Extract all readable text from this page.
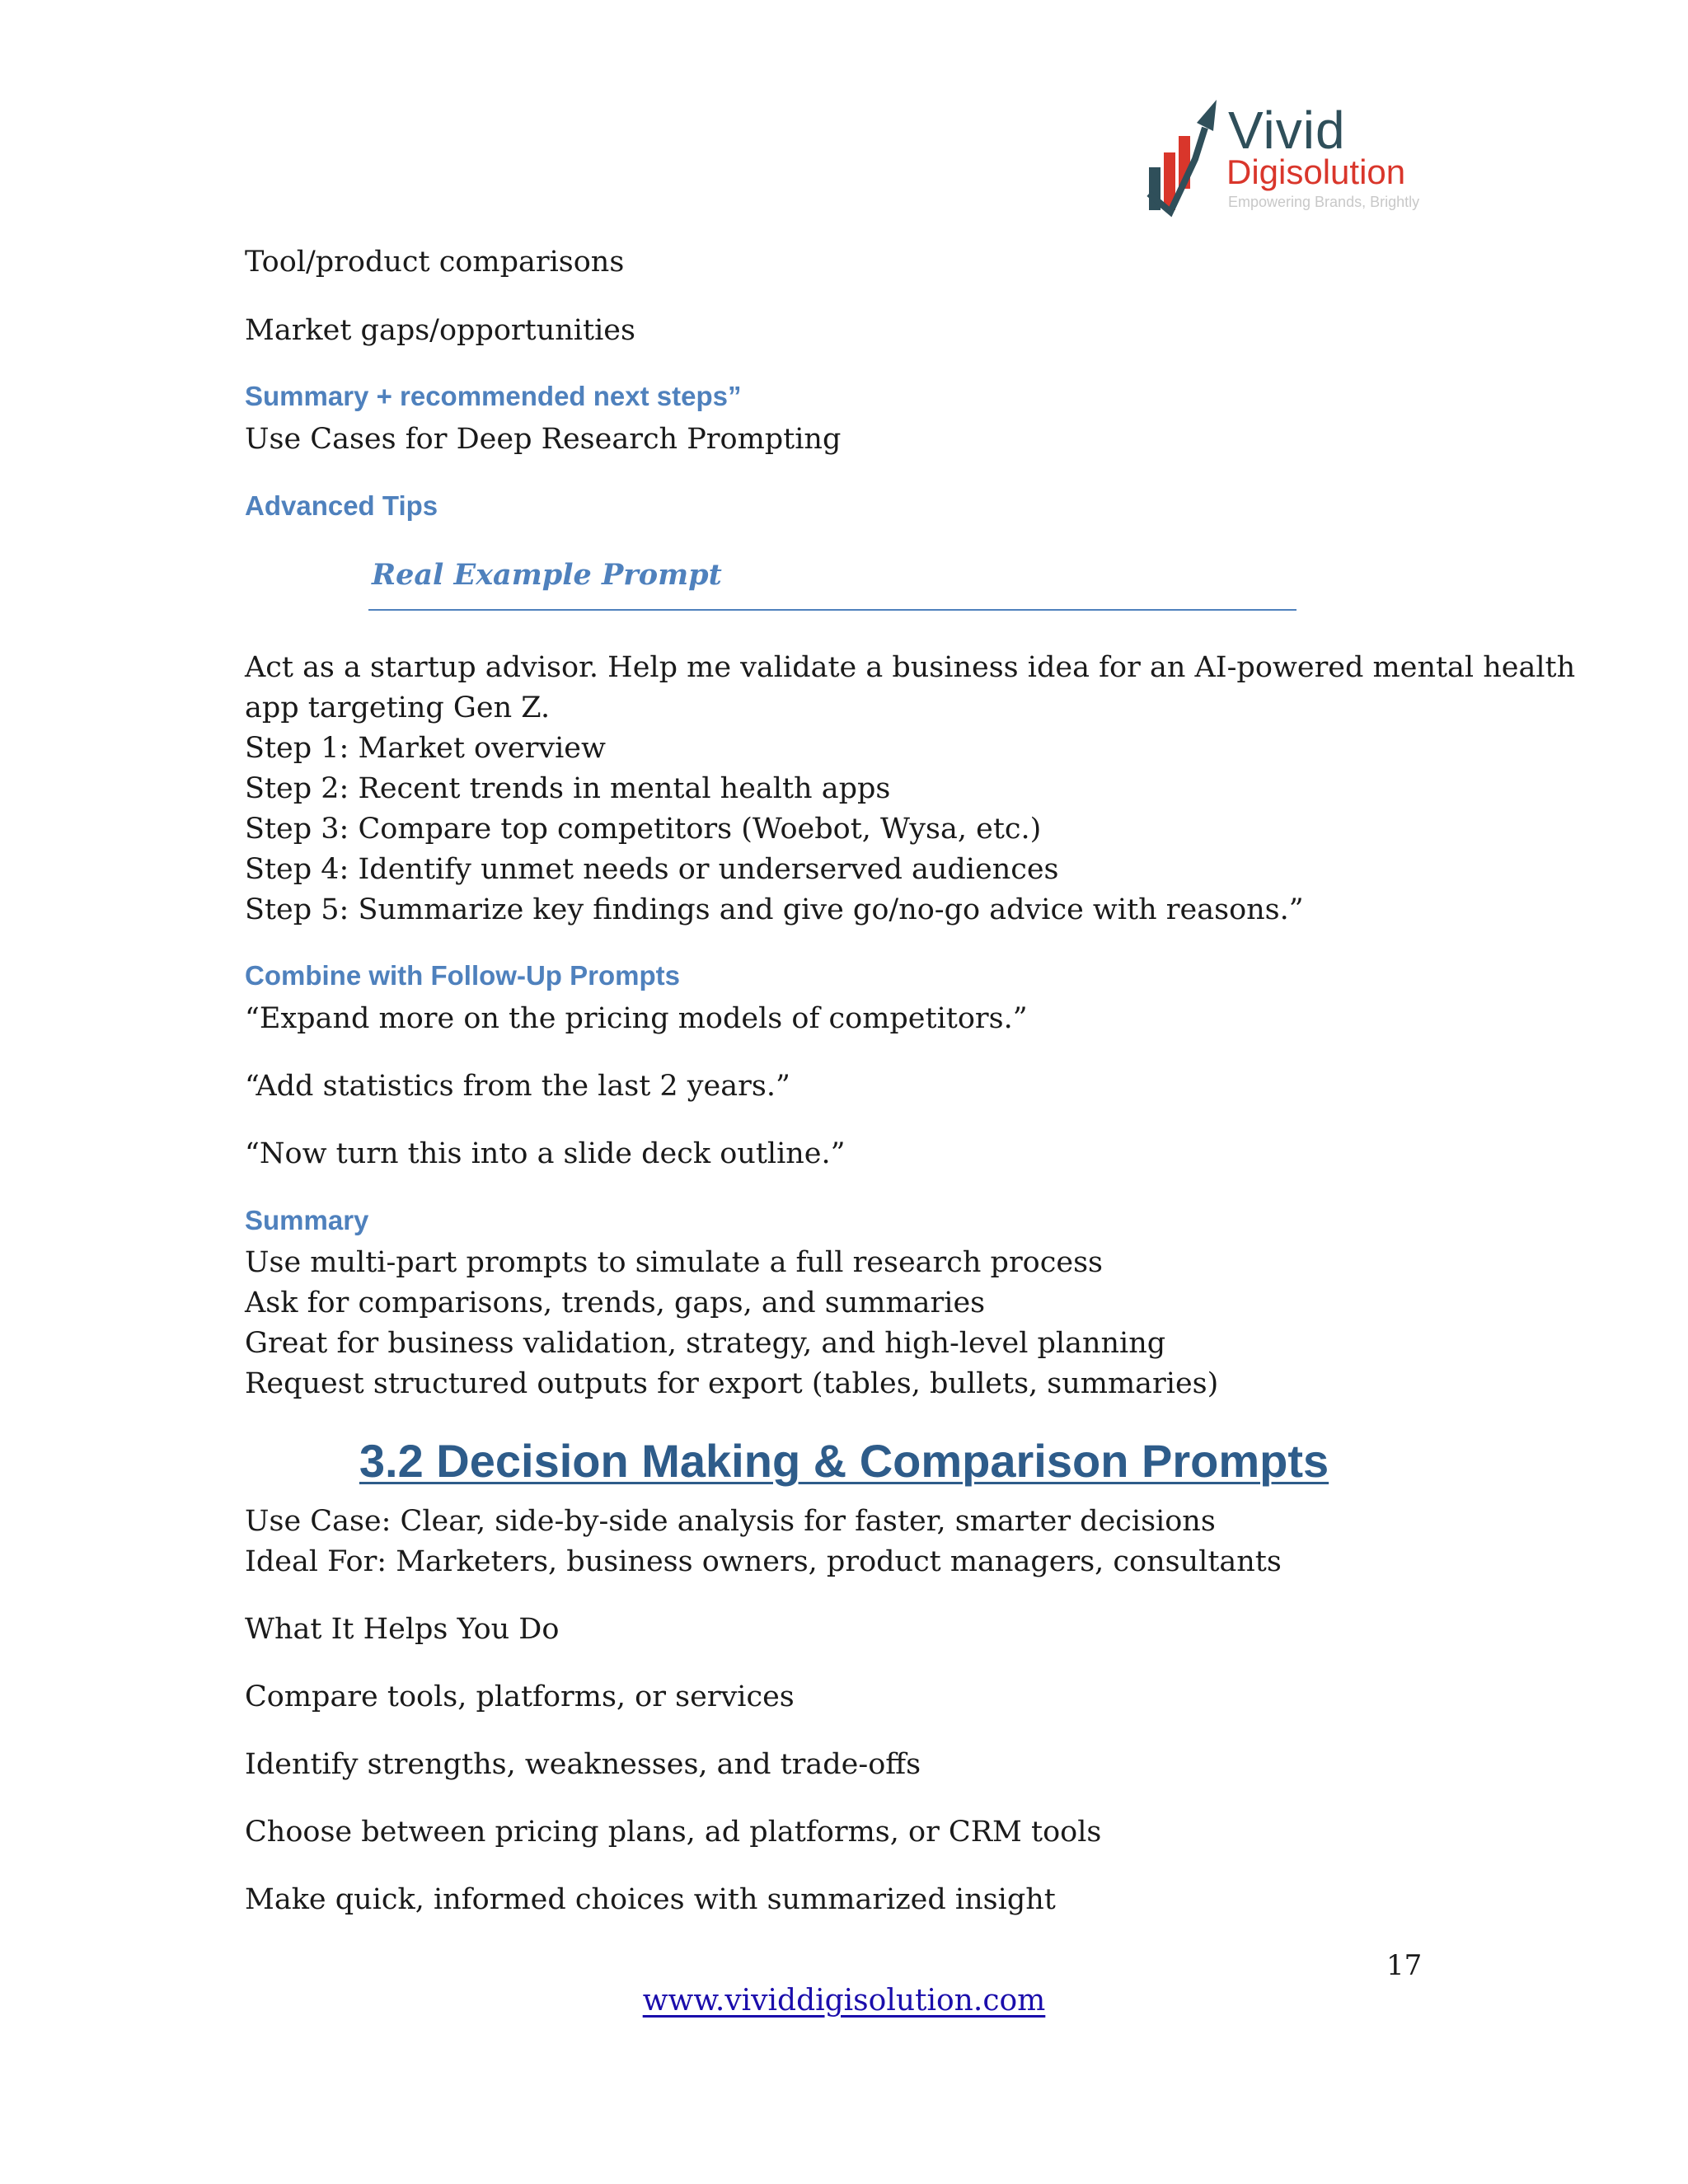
Vivid
Digisolution
Empowering Brands, Brightly
Tool/product comparisons
Market gaps/opportunities
Summary + recommended next steps”
Use Cases for Deep Research Prompting
Advanced Tips
Real Example Prompt
Act as a startup advisor. Help me validate a business idea for an AI-powered mental health
app targeting Gen Z.
Step 1: Market overview
Step 2: Recent trends in mental health apps
Step 3: Compare top competitors (Woebot, Wysa, etc.)
Step 4: Identify unmet needs or underserved audiences
Step 5: Summarize key findings and give go/no-go advice with reasons.”
Combine with Follow-Up Prompts
“Expand more on the pricing models of competitors.”
“Add statistics from the last 2 years.”
“Now turn this into a slide deck outline.”
Summary
Use multi-part prompts to simulate a full research process
Ask for comparisons, trends, gaps, and summaries
Great for business validation, strategy, and high-level planning
Request structured outputs for export (tables, bullets, summaries)
3.2 Decision Making & Comparison Prompts
Use Case: Clear, side-by-side analysis for faster, smarter decisions
Ideal For: Marketers, business owners, product managers, consultants
What It Helps You Do
Compare tools, platforms, or services
Identify strengths, weaknesses, and trade-offs
Choose between pricing plans, ad platforms, or CRM tools
Make quick, informed choices with summarized insight
17
www.vividdigisolution.com
